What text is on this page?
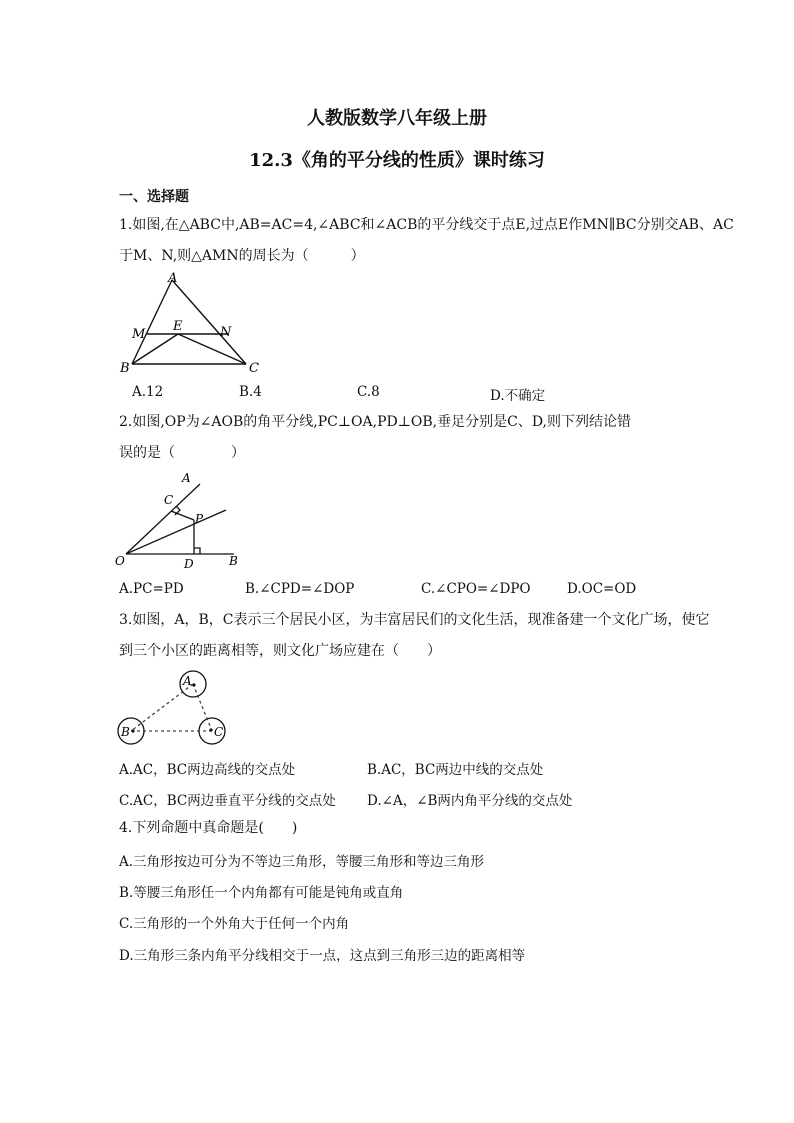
人教版数学八年级上册
12.3《角的平分线的性质》课时练习
一、选择题
1.如图,在△ABC中,AB=AC=4,∠ABC和∠ACB的平分线交于点E,过点E作MN∥BC分别交AB、AC
于M、N,则△AMN的周长为（　　　）
A
M
E	N
B	C
A.12	B.4	C.8	D.不确定
2.如图,OP为∠AOB的角平分线,PC⊥OA,PD⊥OB,垂足分别是C、D,则下列结论错
误的是（　　　　）
A
C
P
O	D	B
A.PC=PD	B.∠CPD=∠DOP	C.∠CPO=∠DPO	D.OC=OD
3.如图，A，B，C表示三个居民小区，为丰富居民们的文化生活，现准备建一个文化广场，使它
到三个小区的距离相等，则文化广场应建在（　　）
A
B	C
A.AC，BC两边高线的交点处	B.AC，BC两边中线的交点处
C.AC，BC两边垂直平分线的交点处 D.∠A，∠B两内角平分线的交点处
4.下列命题中真命题是(　　)
A.三角形按边可分为不等边三角形，等腰三角形和等边三角形
B.等腰三角形任一个内角都有可能是钝角或直角
C.三角形的一个外角大于任何一个内角
D.三角形三条内角平分线相交于一点，这点到三角形三边的距离相等
